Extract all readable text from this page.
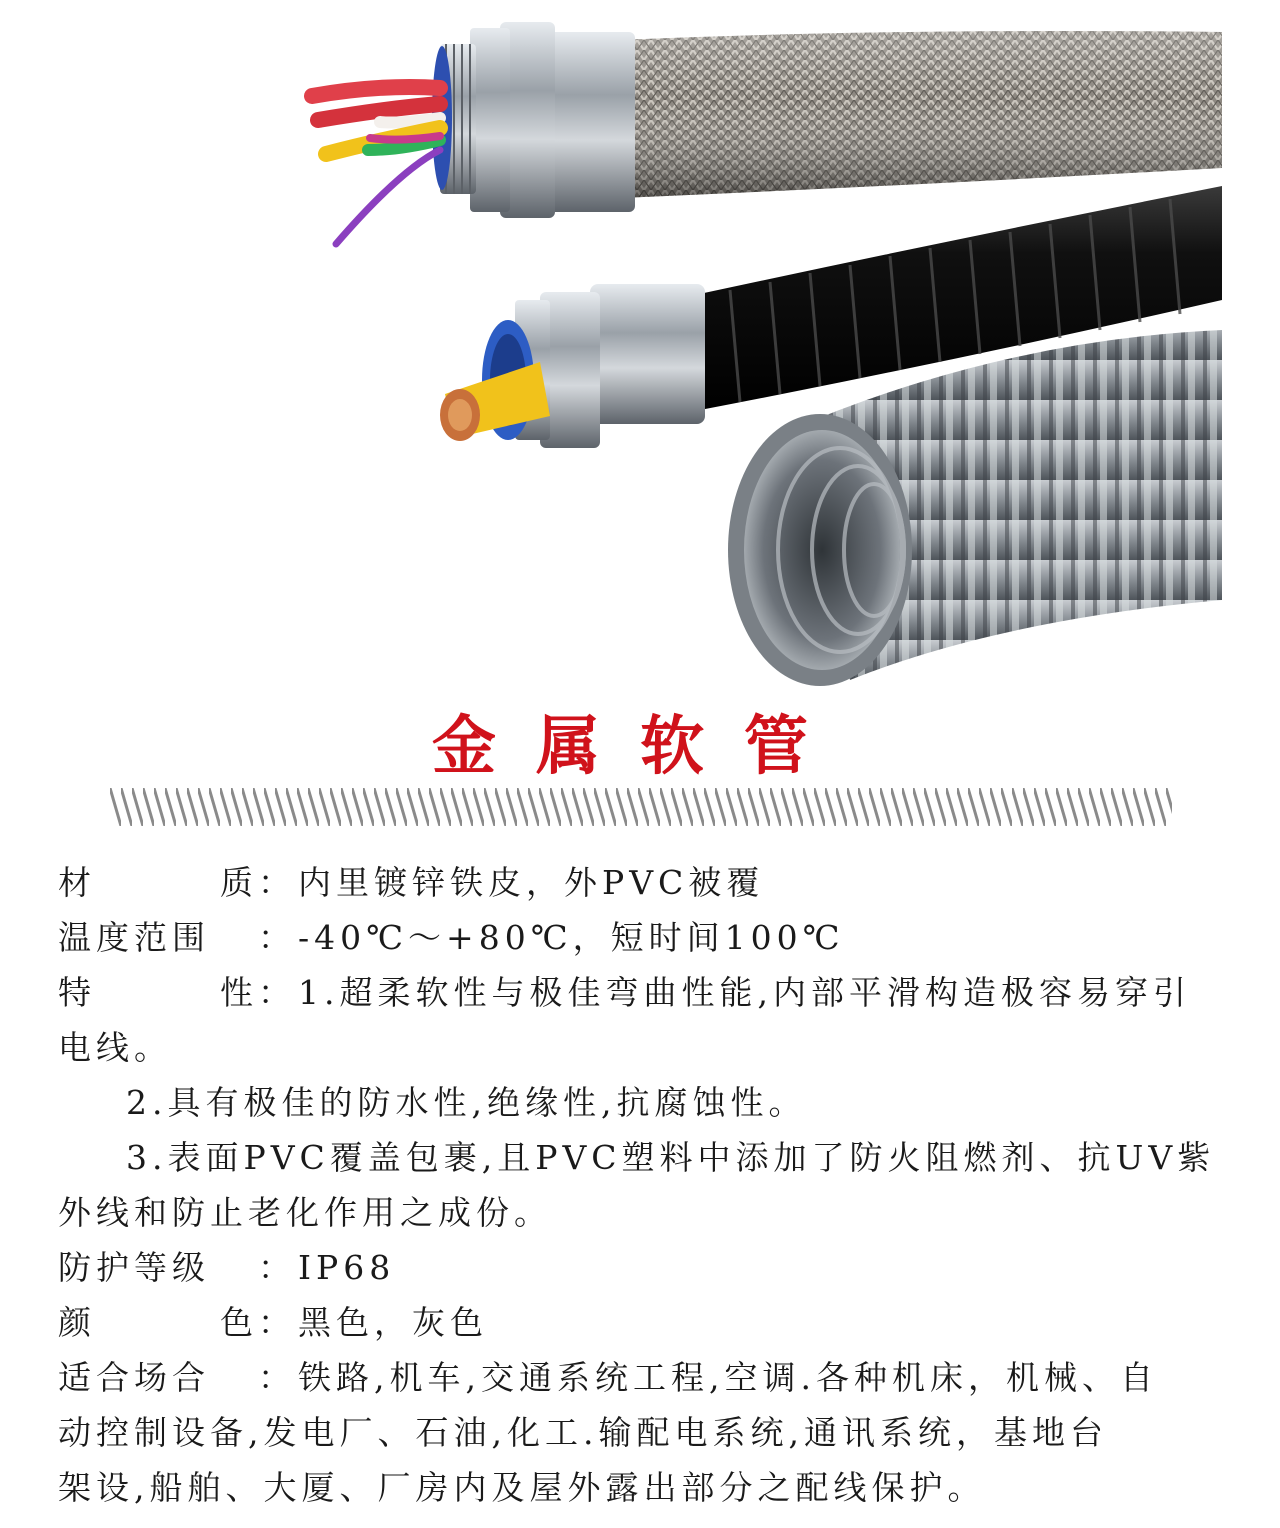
金属软管
材	质 ： 内里镀锌铁皮，外PVC被覆
温度范围	： -40℃～+80℃，短时间100℃
特	性 ： 1.超柔软性与极佳弯曲性能,内部平滑构造极容易穿引
电线。
2.具有极佳的防水性,绝缘性,抗腐蚀性。
3.表面PVC覆盖包裹,且PVC塑料中添加了防火阻燃剂、抗UV紫
外线和防止老化作用之成份。
防护等级	： IP68
颜	色 ： 黑色，灰色
适合场合	： 铁路,机车,交通系统工程,空调.各种机床，机械、自
动控制设备,发电厂、石油,化工.输配电系统,通讯系统，基地台
架设,船舶、大厦、厂房内及屋外露出部分之配线保护。
